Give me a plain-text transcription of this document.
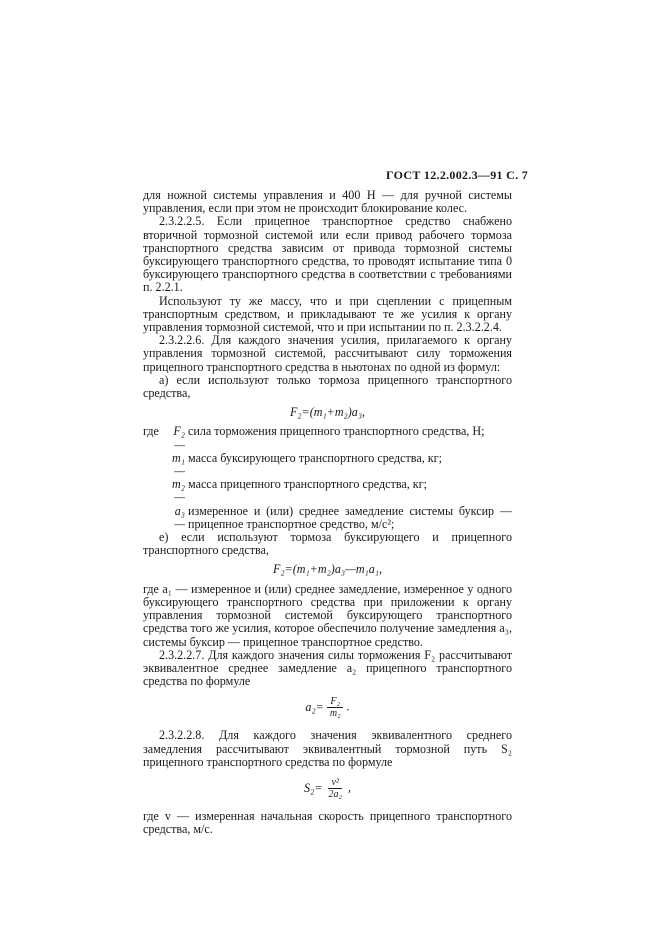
ГОСТ 12.2.002.3—91 С. 7

для ножной системы управления и 400 Н — для ручной системы управления, если при этом не происходит блокирование колес.

2.3.2.2.5. Если прицепное транспортное средство снабжено вторичной тормозной системой или если привод рабочего тормоза транспортного средства зависим от привода тормозной системы буксирующего транспортного средства, то проводят испытание типа 0 буксирующего транспортного средства в соответствии с требованиями п. 2.2.1.

Используют ту же массу, что и при сцеплении с прицепным транспортным средством, и прикладывают те же усилия к органу управления тормозной системой, что и при испытании по п. 2.3.2.2.4.

2.3.2.2.6. Для каждого значения усилия, прилагаемого к органу управления тормозной системой, рассчитывают силу торможения прицепного транспортного средства в ньютонах по одной из формул:

а) если используют только тормоза прицепного транспортного средства,

F₂=(m₁+m₂)a₃,
где	F₂ —
сила торможения прицепного транспортного средства, Н;
m₁ —
масса буксирующего транспортного средства, кг;
m₂ —
масса прицепного транспортного средства, кг;
a₃ —
измеренное и (или) среднее замедление системы буксир — прицепное транспортное средство, м/с²;

е) если используют тормоза буксирующего и прицепного транспортного средства,

F₂=(m₁+m₂)a₃—m₁a₁,

где a₁ — измеренное и (или) среднее замедление, измеренное у одного буксирующего транспортного средства при приложении к органу управления тормозной системой буксирующего транспортного средства того же усилия, которое обеспечило получение замедления a₃, системы буксир — прицепное транспортное средство.

2.3.2.2.7. Для каждого значения силы торможения F₂ рассчитывают эквивалентное среднее замедление a₂ прицепного транспортного средства по формуле

$a_2= \frac{\text{F₂}}{\text{m₂}}$ .

2.3.2.2.8. Для каждого значения эквивалентного среднего замедления рассчитывают эквивалентный тормозной путь S₂ прицепного транспортного средства по формуле

$S_2= \frac{\text{v²}}{\text{2a₂}}$ ,

где v — измеренная начальная скорость прицепного транспортного средства, м/с.
